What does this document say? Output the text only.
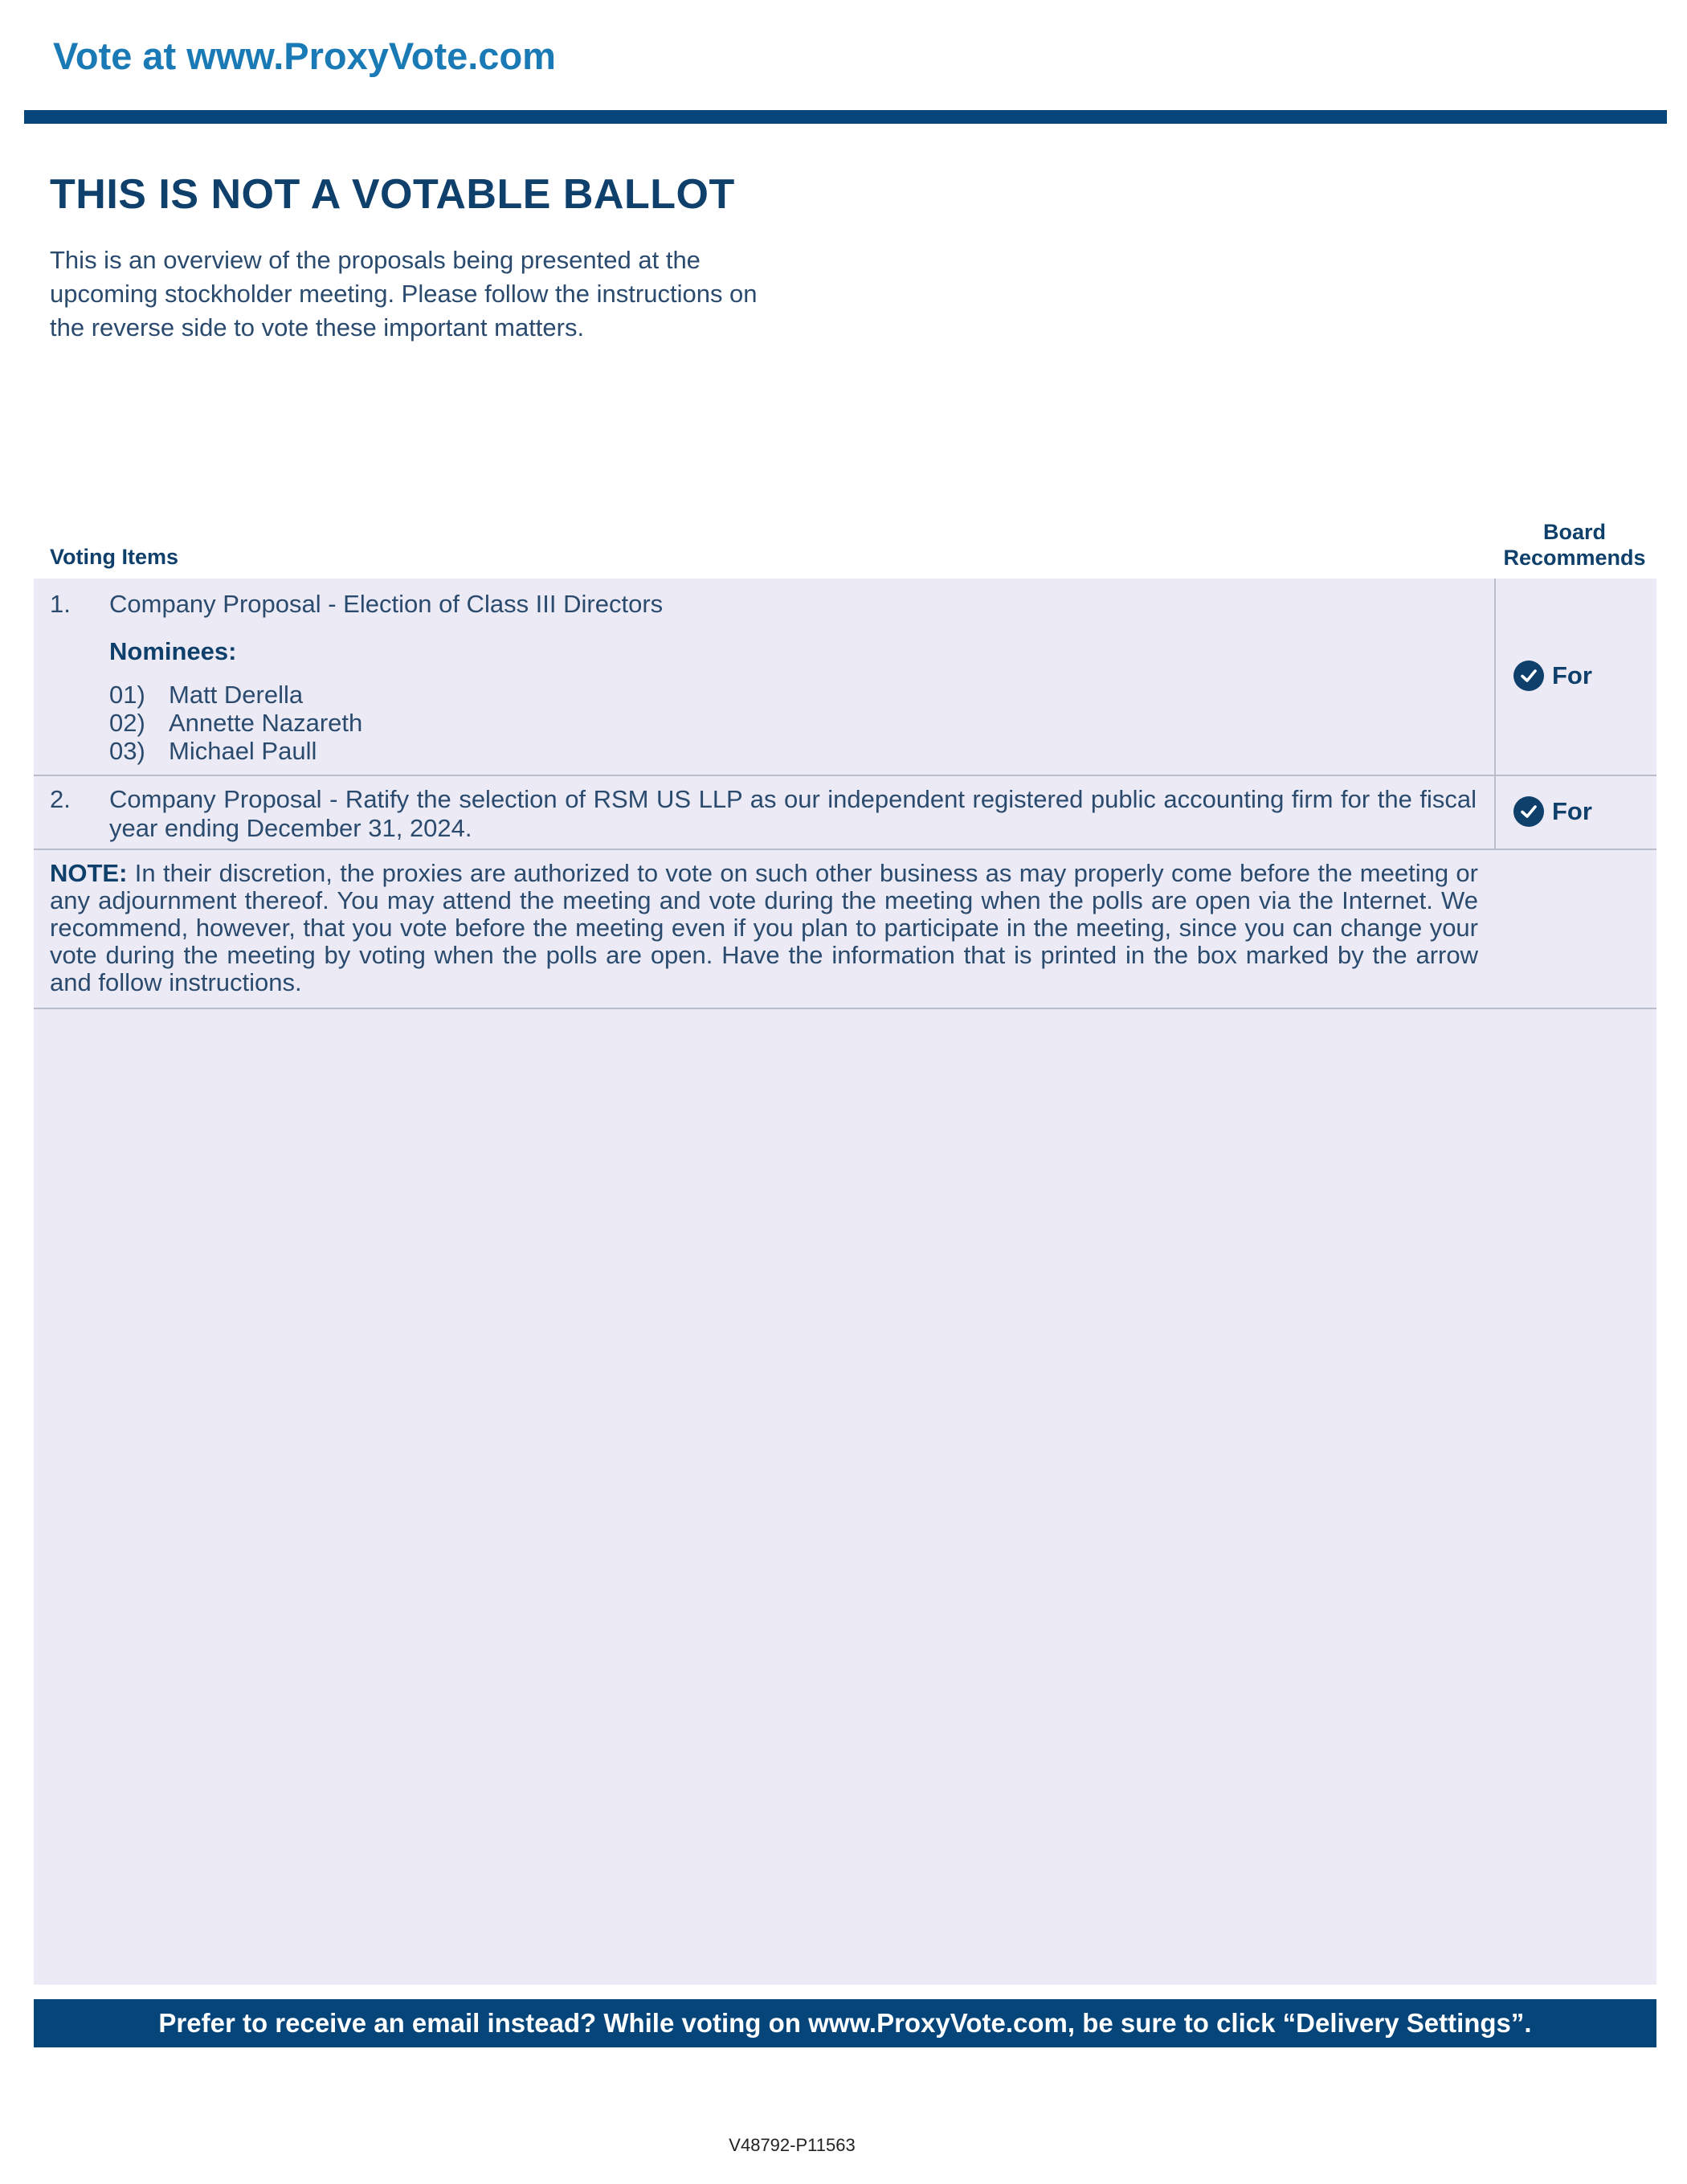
Vote at www.ProxyVote.com
THIS IS NOT A VOTABLE BALLOT

This is an overview of the proposals being presented at the
upcoming stockholder meeting. Please follow the instructions on
the reverse side to vote these important matters.

Voting Items
Board
Recommends
1. Company Proposal - Election of Class III Directors
Nominees:
01) Matt Derella
02) Annette Nazareth
03) Michael Paull
For
2. Company Proposal - Ratify the selection of RSM US LLP as our independent registered public accounting firm for the fiscal year ending December 31, 2024.
For

NOTE: In their discretion, the proxies are authorized to vote on such other business as may properly come before the meeting or any adjournment thereof. You may attend the meeting and vote during the meeting when the polls are open via the Internet. We recommend, however, that you vote before the meeting even if you plan to participate in the meeting, since you can change your vote during the meeting by voting when the polls are open. Have the information that is printed in the box marked by the arrow and follow instructions.

Prefer to receive an email instead? While voting on www.ProxyVote.com, be sure to click “Delivery Settings”.
V48792-P11563
